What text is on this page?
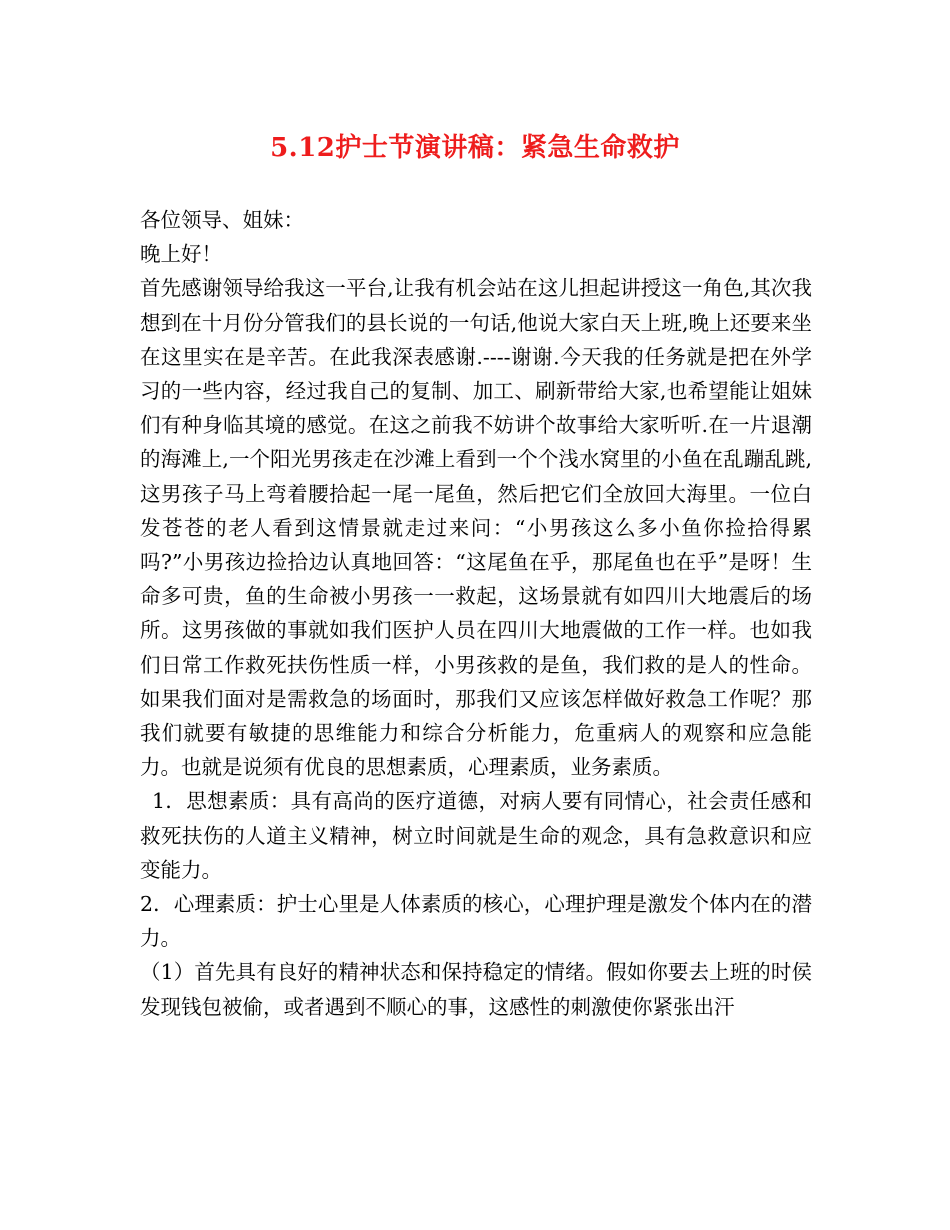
5.12护士节演讲稿：紧急生命救护

各位领导、姐妹：

晚上好！

首先感谢领导给我这一平台,让我有机会站在这儿担起讲授这一角色,其次我想到在十月份分管我们的县长说的一句话,他说大家白天上班,晚上还要来坐在这里实在是辛苦。在此我深表感谢.----谢谢.今天我的任务就是把在外学习的一些内容，经过我自己的复制、加工、刷新带给大家,也希望能让姐妹们有种身临其境的感觉。在这之前我不妨讲个故事给大家听听.在一片退潮的海滩上,一个阳光男孩走在沙滩上看到一个个浅水窝里的小鱼在乱蹦乱跳,这男孩子马上弯着腰拾起一尾一尾鱼，然后把它们全放回大海里。一位白发苍苍的老人看到这情景就走过来问：“小男孩这么多小鱼你捡拾得累吗?”小男孩边捡拾边认真地回答：“这尾鱼在乎，那尾鱼也在乎”是呀！生命多可贵，鱼的生命被小男孩一一救起，这场景就有如四川大地震后的场所。这男孩做的事就如我们医护人员在四川大地震做的工作一样。也如我们日常工作救死扶伤性质一样，小男孩救的是鱼，我们救的是人的性命。如果我们面对是需救急的场面时，那我们又应该怎样做好救急工作呢？那我们就要有敏捷的思维能力和综合分析能力，危重病人的观察和应急能力。也就是说须有优良的思想素质，心理素质，业务素质。

1．思想素质：具有高尚的医疗道德，对病人要有同情心，社会责任感和救死扶伤的人道主义精神，树立时间就是生命的观念，具有急救意识和应变能力。

2．心理素质：护士心里是人体素质的核心，心理护理是激发个体内在的潜力。

（1）首先具有良好的精神状态和保持稳定的情绪。假如你要去上班的时侯发现钱包被偷，或者遇到不顺心的事，这感性的刺激使你紧张出汗
